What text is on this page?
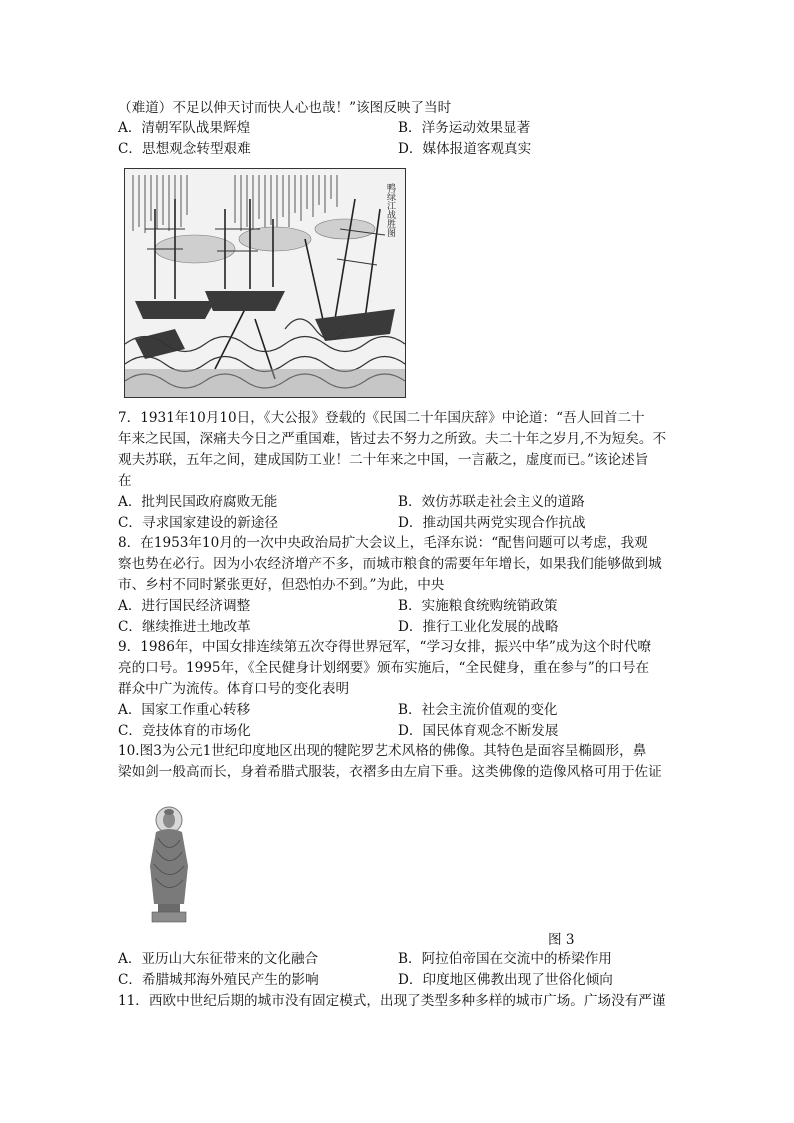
（难道）不足以伸天讨而快人心也哉！”该图反映了当时
A．清朝军队战果辉煌	B．洋务运动效果显著
C．思想观念转型艰难	D．媒体报道客观真实
鸭绿江战胜图

7．1931年10月10日，《大公报》登载的《民国二十年国庆辞》中论道：“吾人回首二十

年来之民国，深痛夫今日之严重国难，皆过去不努力之所致。夫二十年之岁月,不为短矣。不

观夫苏联，五年之间，建成国防工业！二十年来之中国，一言蔽之，虚度而已。”该论述旨

在

A．批判民国政府腐败无能	B．效仿苏联走社会主义的道路
C．寻求国家建设的新途径	D．推动国共两党实现合作抗战

8．在1953年10月的一次中央政治局扩大会议上，毛泽东说：“配售问题可以考虑，我观

察也势在必行。因为小农经济增产不多，而城市粮食的需要年年增长，如果我们能够做到城

市、乡村不同时紧张更好，但恐怕办不到。”为此，中央

A．进行国民经济调整	B．实施粮食统购统销政策
C．继续推进土地改革	D．推行工业化发展的战略

9．1986年，中国女排连续第五次夺得世界冠军，“学习女排，振兴中华”成为这个时代嘹

亮的口号。1995年，《全民健身计划纲要》颁布实施后，“全民健身，重在参与”的口号在

群众中广为流传。体育口号的变化表明

A．国家工作重心转移	B．社会主流价值观的变化
C．竞技体育的市场化	D．国民体育观念不断发展

10.图3为公元1世纪印度地区出现的犍陀罗艺术风格的佛像。其特色是面容呈椭圆形，鼻

梁如剑一般高而长，身着希腊式服装，衣褶多由左肩下垂。这类佛像的造像风格可用于佐证

图 3
A．亚历山大东征带来的文化融合	B．阿拉伯帝国在交流中的桥梁作用
C．希腊城邦海外殖民产生的影响	D．印度地区佛教出现了世俗化倾向

11．西欧中世纪后期的城市没有固定模式，出现了类型多种多样的城市广场。广场没有严谨
